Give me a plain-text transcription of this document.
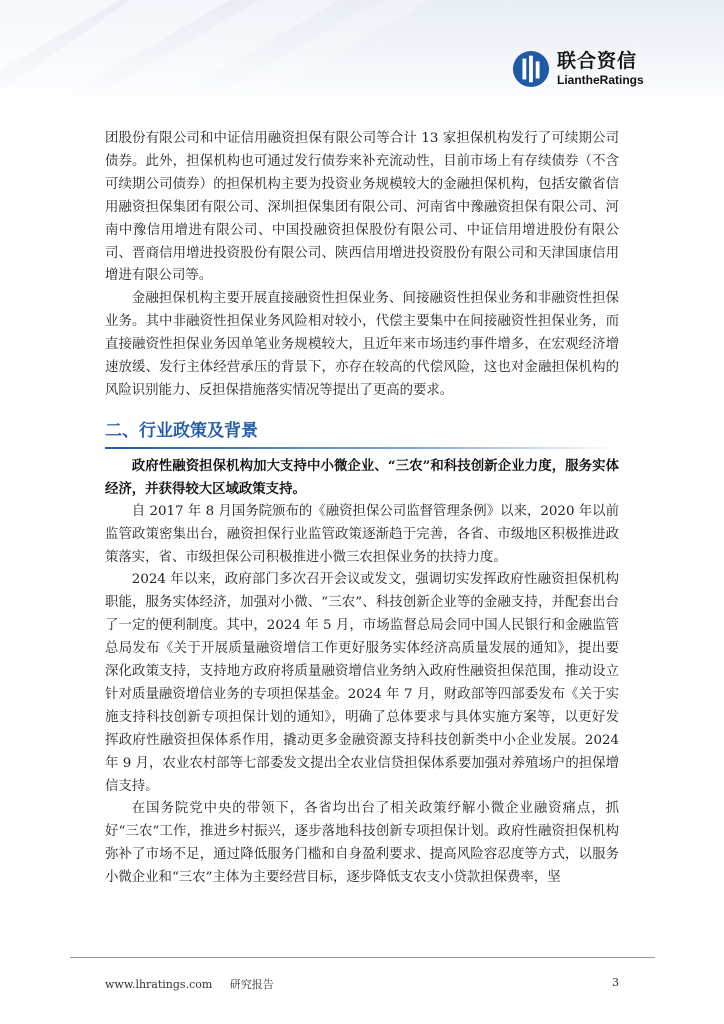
联合资信
LiantheRatings

团股份有限公司和中证信用融资担保有限公司等合计 13 家担保机构发行了可续期公司债券。此外，担保机构也可通过发行债券来补充流动性，目前市场上有存续债券（不含可续期公司债券）的担保机构主要为投资业务规模较大的金融担保机构，包括安徽省信用融资担保集团有限公司、深圳担保集团有限公司、河南省中豫融资担保有限公司、河南中豫信用增进有限公司、中国投融资担保股份有限公司、中证信用增进股份有限公司、晋商信用增进投资股份有限公司、陕西信用增进投资股份有限公司和天津国康信用增进有限公司等。

金融担保机构主要开展直接融资性担保业务、间接融资性担保业务和非融资性担保业务。其中非融资性担保业务风险相对较小，代偿主要集中在间接融资性担保业务，而直接融资性担保业务因单笔业务规模较大，且近年来市场违约事件增多，在宏观经济增速放缓、发行主体经营承压的背景下，亦存在较高的代偿风险，这也对金融担保机构的风险识别能力、反担保措施落实情况等提出了更高的要求。

二、行业政策及背景

政府性融资担保机构加大支持中小微企业、“三农”和科技创新企业力度，服务实体经济，并获得较大区域政策支持。

自 2017 年 8 月国务院颁布的《融资担保公司监督管理条例》以来，2020 年以前监管政策密集出台，融资担保行业监管政策逐渐趋于完善，各省、市级地区积极推进政策落实，省、市级担保公司积极推进小微三农担保业务的扶持力度。

2024 年以来，政府部门多次召开会议或发文，强调切实发挥政府性融资担保机构职能，服务实体经济，加强对小微、“三农”、科技创新企业等的金融支持，并配套出台了一定的便利制度。其中，2024 年 5 月，市场监督总局会同中国人民银行和金融监管总局发布《关于开展质量融资增信工作更好服务实体经济高质量发展的通知》，提出要深化政策支持，支持地方政府将质量融资增信业务纳入政府性融资担保范围，推动设立针对质量融资增信业务的专项担保基金。2024 年 7 月，财政部等四部委发布《关于实施支持科技创新专项担保计划的通知》，明确了总体要求与具体实施方案等，以更好发挥政府性融资担保体系作用，撬动更多金融资源支持科技创新类中小企业发展。2024 年 9 月，农业农村部等七部委发文提出全农业信贷担保体系要加强对养殖场户的担保增信支持。

在国务院党中央的带领下，各省均出台了相关政策纾解小微企业融资痛点，抓好“三农”工作，推进乡村振兴，逐步落地科技创新专项担保计划。政府性融资担保机构弥补了市场不足，通过降低服务门槛和自身盈利要求、提高风险容忍度等方式，以服务小微企业和“三农”主体为主要经营目标，逐步降低支农支小贷款担保费率，坚

www.lhratings.com 研究报告	3
